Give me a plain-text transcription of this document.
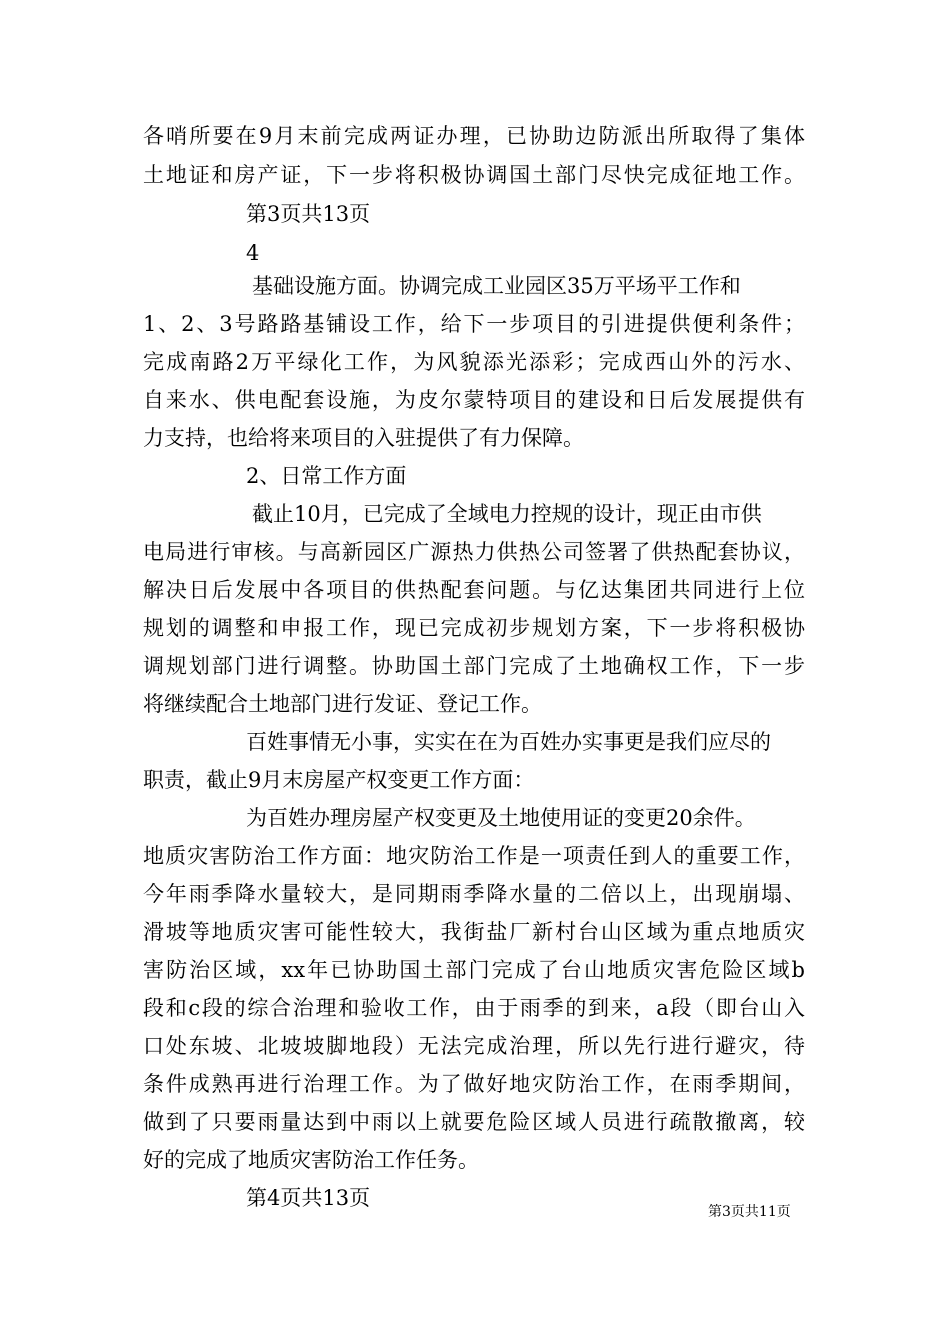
各哨所要在9月末前完成两证办理，已协助边防派出所取得了集体
土地证和房产证，下一步将积极协调国土部门尽快完成征地工作。
第3页共13页
4
基础设施方面。协调完成工业园区35万平场平工作和
1、2、3号路路基铺设工作，给下一步项目的引进提供便利条件；
完成南路2万平绿化工作，为风貌添光添彩；完成西山外的污水、
自来水、供电配套设施，为皮尔蒙特项目的建设和日后发展提供有
力支持，也给将来项目的入驻提供了有力保障。
2、日常工作方面
截止10月，已完成了全域电力控规的设计，现正由市供
电局进行审核。与高新园区广源热力供热公司签署了供热配套协议，
解决日后发展中各项目的供热配套问题。与亿达集团共同进行上位
规划的调整和申报工作，现已完成初步规划方案，下一步将积极协
调规划部门进行调整。协助国土部门完成了土地确权工作，下一步
将继续配合土地部门进行发证、登记工作。
百姓事情无小事，实实在在为百姓办实事更是我们应尽的
职责，截止9月末房屋产权变更工作方面：
为百姓办理房屋产权变更及土地使用证的变更20余件。
地质灾害防治工作方面：地灾防治工作是一项责任到人的重要工作，
今年雨季降水量较大，是同期雨季降水量的二倍以上，出现崩塌、
滑坡等地质灾害可能性较大，我街盐厂新村台山区域为重点地质灾
害防治区域，xx年已协助国土部门完成了台山地质灾害危险区域b
段和c段的综合治理和验收工作，由于雨季的到来，a段（即台山入
口处东坡、北坡坡脚地段）无法完成治理，所以先行进行避灾，待
条件成熟再进行治理工作。为了做好地灾防治工作，在雨季期间，
做到了只要雨量达到中雨以上就要危险区域人员进行疏散撤离，较
好的完成了地质灾害防治工作任务。
第4页共13页
第3页共11页
